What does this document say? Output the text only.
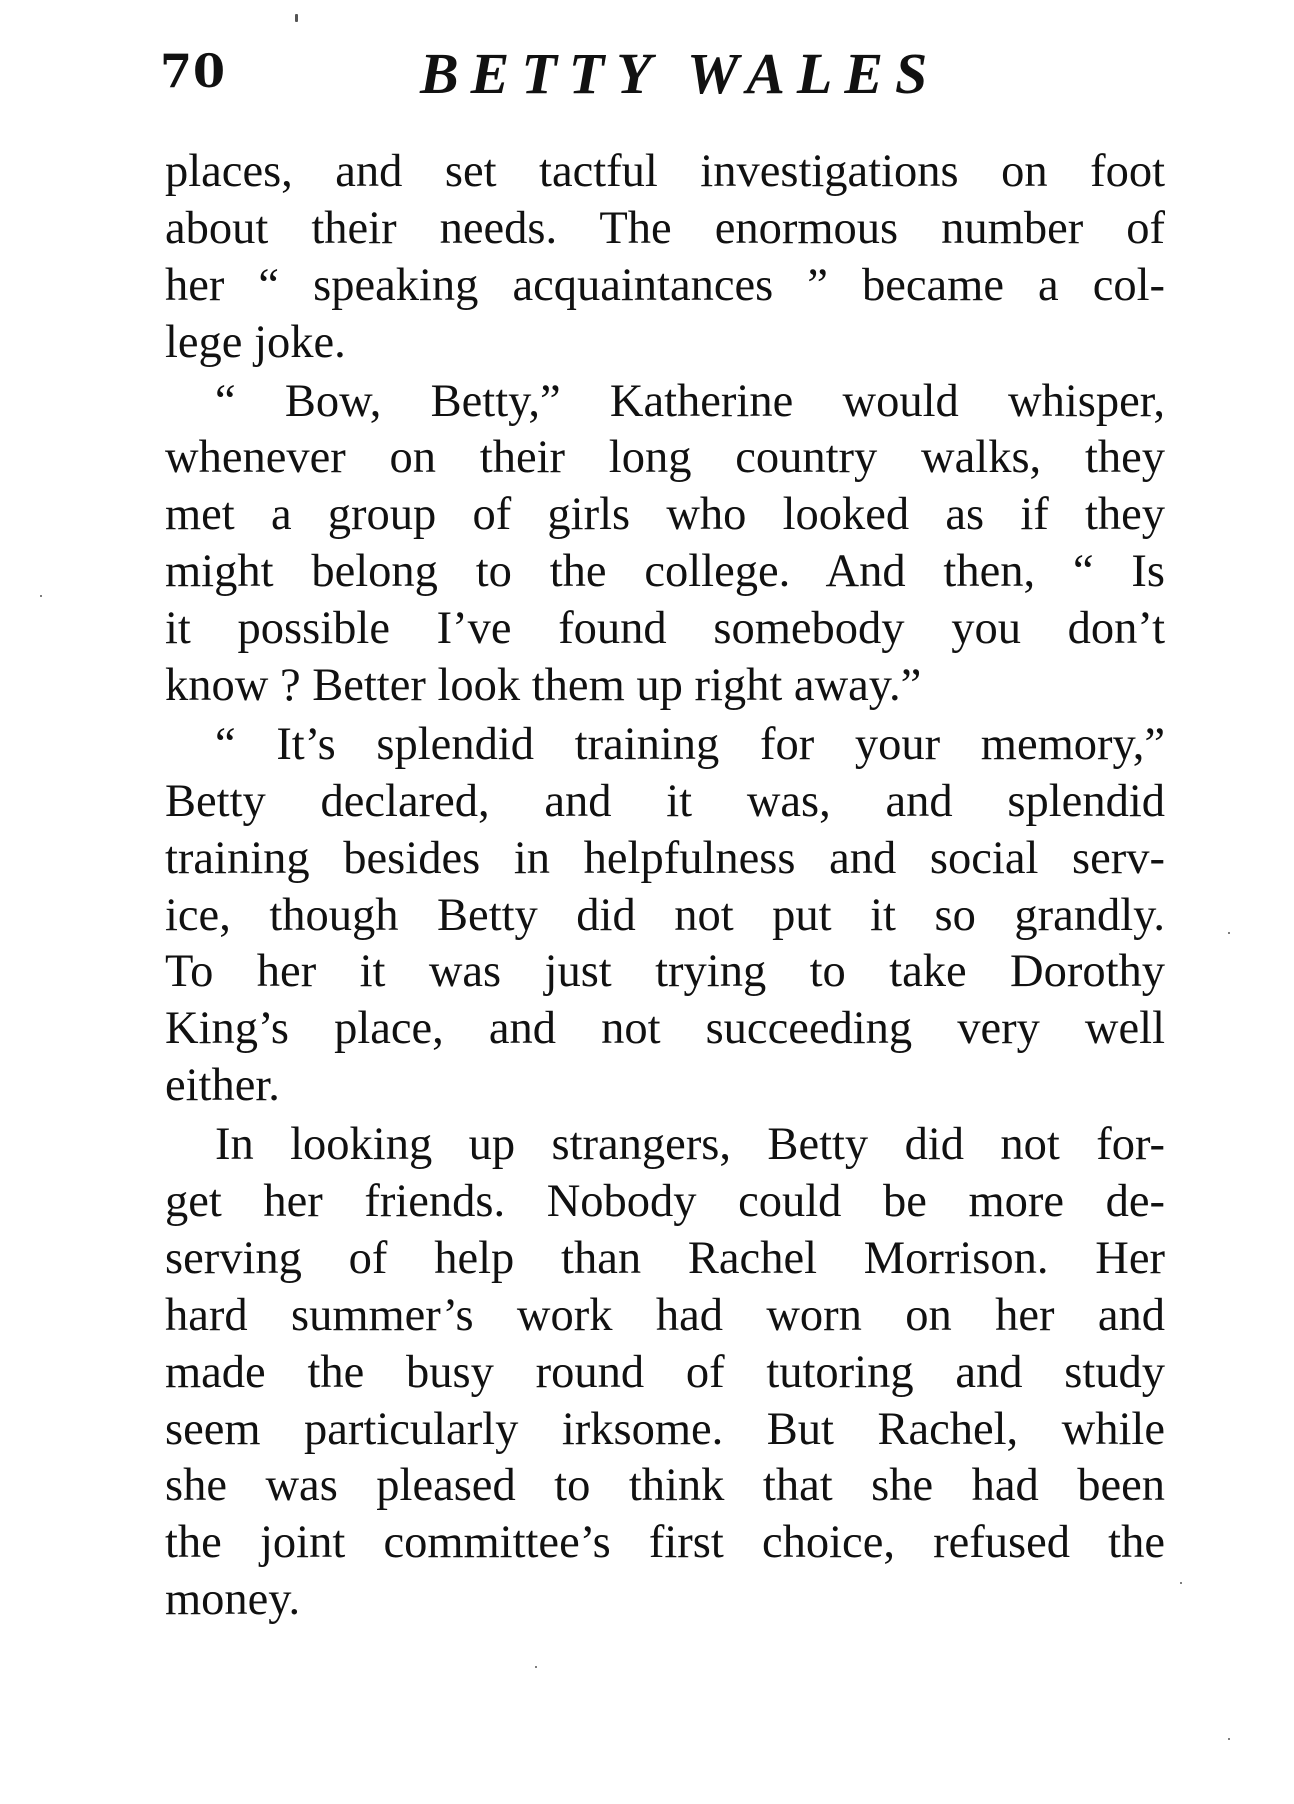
70	BETTY WALES
places, and set tactful investigations on foot
about their needs. The enormous number of
her “ speaking acquaintances ” became a col-
lege joke.
“ Bow, Betty,” Katherine would whisper,
whenever on their long country walks, they
met a group of girls who looked as if they
might belong to the college. And then, “ Is
it possible I’ve found somebody you don’t
know ? Better look them up right away.”
“ It’s splendid training for your memory,”
Betty declared, and it was, and splendid
training besides in helpfulness and social serv-
ice, though Betty did not put it so grandly.
To her it was just trying to take Dorothy
King’s place, and not succeeding very well
either.
In looking up strangers, Betty did not for-
get her friends. Nobody could be more de-
serving of help than Rachel Morrison. Her
hard summer’s work had worn on her and
made the busy round of tutoring and study
seem particularly irksome. But Rachel, while
she was pleased to think that she had been
the joint committee’s first choice, refused the
money.
